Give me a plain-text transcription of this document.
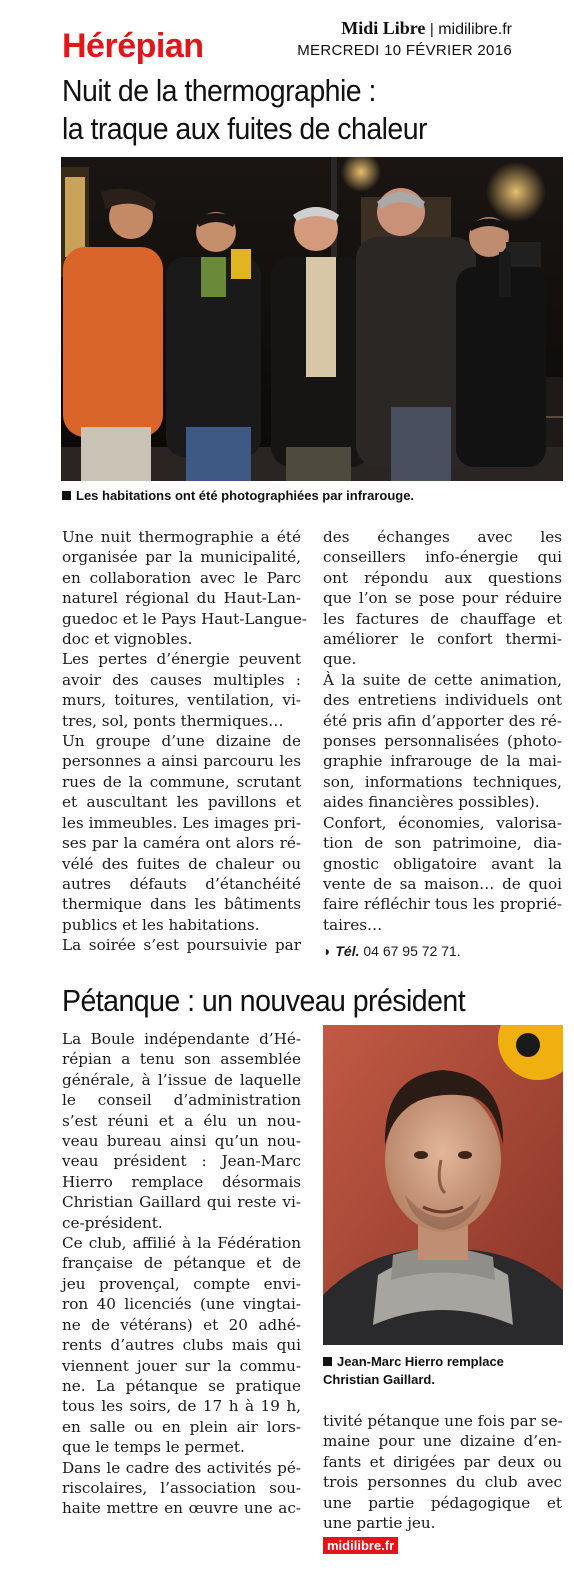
Hérépian	Midi Libre | midilibre.fr
MERCREDI 10 FÉVRIER 2016
Nuit de la thermographie :
la traque aux fuites de chaleur
Les habitations ont été photographiées par infrarouge.
Une nuit thermographie a été
organisée par la municipalité,
en collaboration avec le Parc
naturel régional du Haut-Lan-
guedoc et le Pays Haut-Langue-
doc et vignobles.
Les pertes d’énergie peuvent
avoir des causes multiples :
murs, toitures, ventilation, vi-
tres, sol, ponts thermiques…
Un groupe d’une dizaine de
personnes a ainsi parcouru les
rues de la commune, scrutant
et auscultant les pavillons et
les immeubles. Les images pri-
ses par la caméra ont alors ré-
vélé des fuites de chaleur ou
autres défauts d’étanchéité
thermique dans les bâtiments
publics et les habitations.
La soirée s’est poursuivie par
des échanges avec les
conseillers info-énergie qui
ont répondu aux questions
que l’on se pose pour réduire
les factures de chauffage et
améliorer le confort thermi-
que.
À la suite de cette animation,
des entretiens individuels ont
été pris afin d’apporter des ré-
ponses personnalisées (photo-
graphie infrarouge de la mai-
son, informations techniques,
aides financières possibles).
Confort, économies, valorisa-
tion de son patrimoine, dia-
gnostic obligatoire avant la
vente de sa maison… de quoi
faire réfléchir tous les proprié-
taires…
◗ Tél. 04 67 95 72 71.
Pétanque : un nouveau président
La Boule indépendante d’Hé-
répian a tenu son assemblée
générale, à l’issue de laquelle
le conseil d’administration
s’est réuni et a élu un nou-
veau bureau ainsi qu’un nou-
veau président : Jean-Marc
Hierro remplace désormais
Christian Gaillard qui reste vi-
ce-président.
Ce club, affilié à la Fédération
française de pétanque et de
jeu provençal, compte envi-
ron 40 licenciés (une vingtai-
ne de vétérans) et 20 adhé-
rents d’autres clubs mais qui
viennent jouer sur la commu-
ne. La pétanque se pratique
tous les soirs, de 17 h à 19 h,
en salle ou en plein air lors-
que le temps le permet.
Dans le cadre des activités pé-
riscolaires, l’association sou-
haite mettre en œuvre une ac-
Jean-Marc Hierro remplace
Christian Gaillard.
tivité pétanque une fois par se-
maine pour une dizaine d’en-
fants et dirigées par deux ou
trois personnes du club avec
une partie pédagogique et
une partie jeu.
midilibre.fr
